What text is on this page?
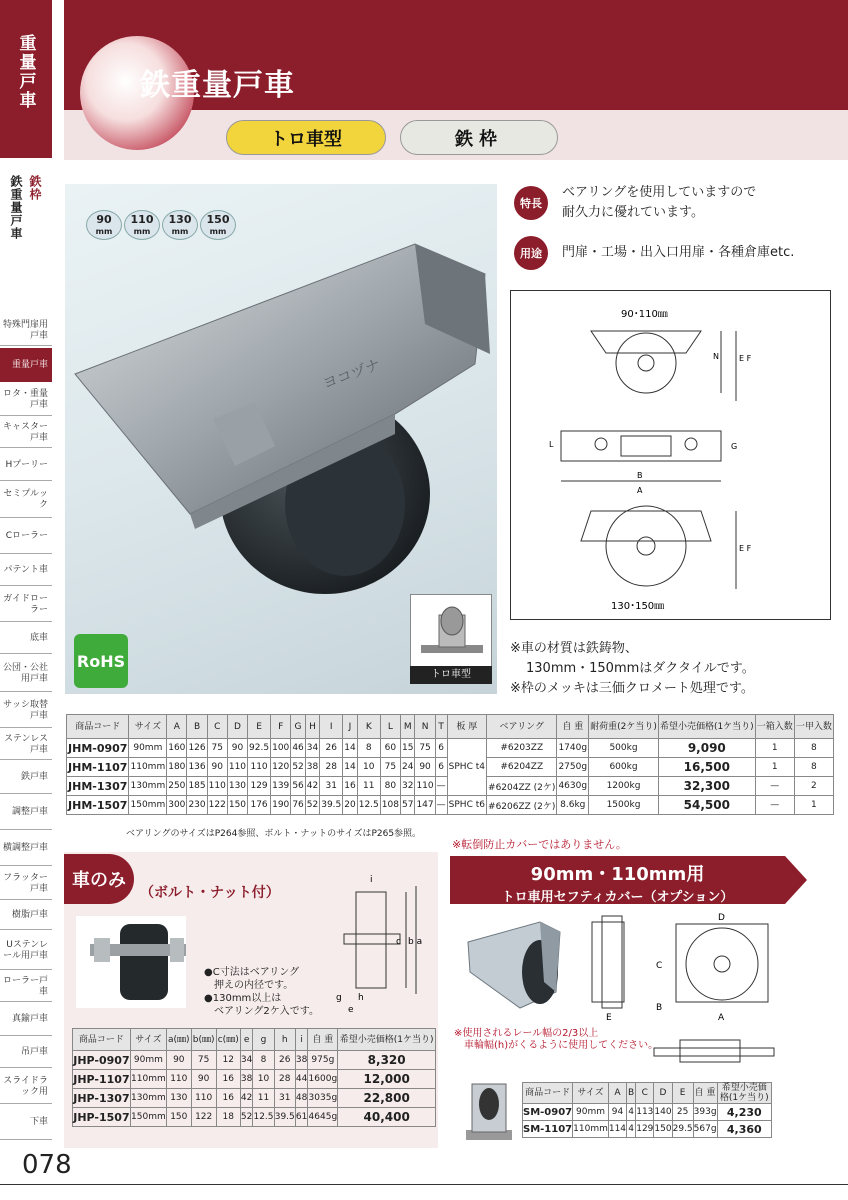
重量戸車
鉄枠
鉄重量戸車
特殊門扉用戸車
重量戸車
ロタ・重量戸車
キャスター戸車
Hプーリー
セミプルック
Cローラー
パテント車
ガイドローラー
底車
公団・公社用戸車
サッシ取替戸車
ステンレス戸車
鉄戸車
調整戸車
横調整戸車
フラッター戸車
樹脂戸車
Uステンレール用戸車
ローラー戸車
真鍮戸車
吊戸車
スライドラック用
下車
鉄重量戸車
トロ車型	鉄枠
ヨコヅナ
90
mm
110
mm
130
mm
150
mm
RoHS
トロ車型
特長
ベアリングを使用していますので
耐久力に優れています。
用途	門扉・工場・出入口用扉・各種倉庫etc.
90･110㎜
N	E F
B
A
L	G
E F
130･150㎜
※車の材質は鉄鋳物、
130mm・150mmはダクタイルです。
※枠のメッキは三価クロメート処理です。
商品コード	サイズ	A	B	C	D	E	F	G	H	I	J	K	L	M	N	T	板 厚	ベアリング	自 重	耐荷重(2ケ当り)	希望小売価格(1ケ当り)	一箱入数	一甲入数
JHM-0907	90mm	160	126	75	90	92.5	100	46	34	26	14	8	60	15	75	6	SPHC t4	#6203ZZ	1740g	500kg	9,090	1	8
JHM-1107	110mm	180	136	90	110	110	120	52	38	28	14	10	75	24	90	6		#6204ZZ	2750g	600kg	16,500	1	8
JHM-1307	130mm	250	185	110	130	129	139	56	42	31	16	11	80	32	110	—		#6204ZZ (2ケ)	4630g	1200kg	32,300	—	2
JHM-1507	150mm	300	230	122	150	176	190	76	52	39.5	20	12.5	108	57	147	—	SPHC t6	#6206ZZ (2ケ)	8.6kg	1500kg	54,500	—	1
ベアリングのサイズはP264参照、ボルト・ナットのサイズはP265参照。
※転倒防止カバーではありません。
車のみ
（ボルト・ナット付）
i
c b a
g h
e
●C寸法はベアリング
　押えの内径です。
●130mm以上は
　ベアリング2ケ入です。
商品コード	サイズ	a(㎜)	b(㎜)	c(㎜)	e	g	h	i	自 重	希望小売価格(1ケ当り)
JHP-0907	90mm	90	75	12	34	8	26	38	975g	8,320
JHP-1107	110mm	110	90	16	38	10	28	44	1600g	12,000
JHP-1307	130mm	130	110	16	42	11	31	48	3035g	22,800
JHP-1507	150mm	150	122	18	52	12.5	39.5	61	4645g	40,400
90mm・110mm用
トロ車用セフティカバー（オプション）
E
D
C
B
A
※使用されるレール幅の2/3以上
　車輪幅(h)がくるように使用してください。
商品コード	サイズ	A	B	C	D	E	自 重	希望小売価格(1ケ当り)
SM-0907	90mm	94	4	113	140	25	393g	4,230
SM-1107	110mm	114	4	129	150	29.5	567g	4,360
078
